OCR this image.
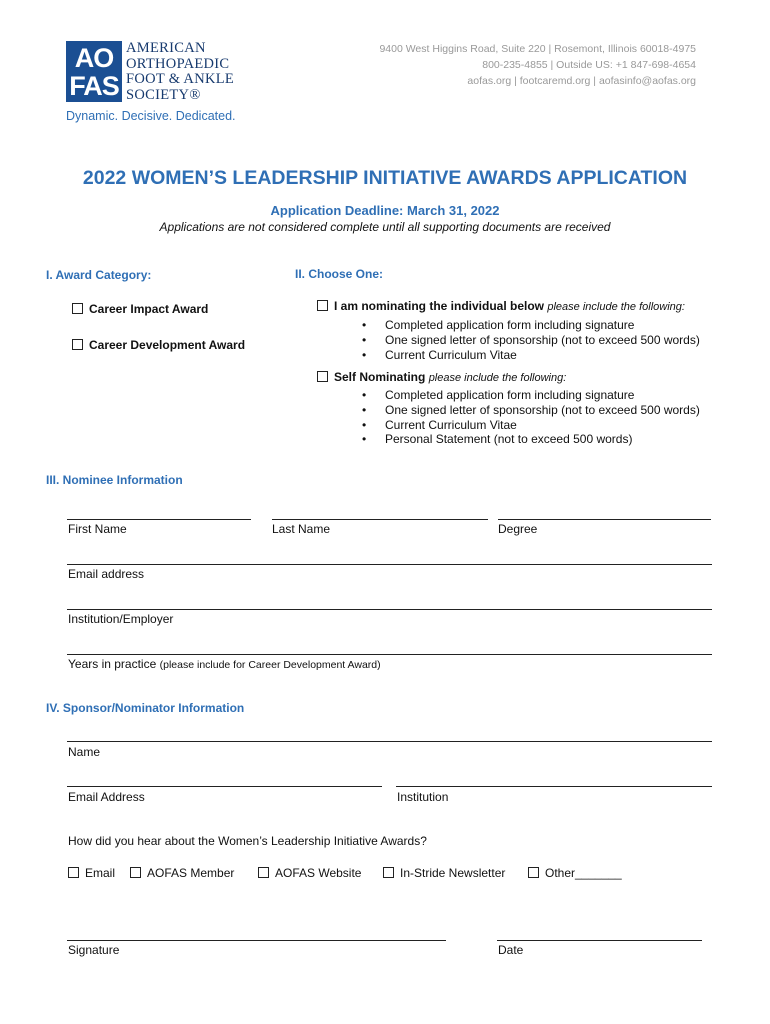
AO
FAS
AMERICAN
ORTHOPAEDIC
FOOT & ANKLE
SOCIETY®
Dynamic. Decisive. Dedicated.
9400 West Higgins Road, Suite 220 | Rosemont, Illinois 60018-4975
800-235-4855 | Outside US: +1 847-698-4654
aofas.org | footcaremd.org | aofasinfo@aofas.org
2022 WOMEN’S LEADERSHIP INITIATIVE AWARDS APPLICATION
Application Deadline: March 31, 2022
Applications are not considered complete until all supporting documents are received
I. Award Category:
Career Impact Award
Career Development Award
II. Choose One:
I am nominating the individual below please include the following:
• Completed application form including signature
• One signed letter of sponsorship (not to exceed 500 words)
• Current Curriculum Vitae
Self Nominating please include the following:
• Completed application form including signature
• One signed letter of sponsorship (not to exceed 500 words)
• Current Curriculum Vitae
• Personal Statement (not to exceed 500 words)
III. Nominee Information
First Name	Last Name	Degree
Email address
Institution/Employer
Years in practice (please include for Career Development Award)
IV. Sponsor/Nominator Information
Name
Email Address	Institution
How did you hear about the Women’s Leadership Initiative Awards?
Email	AOFAS Member	AOFAS Website	In-Stride Newsletter	Other_______
Signature	Date
